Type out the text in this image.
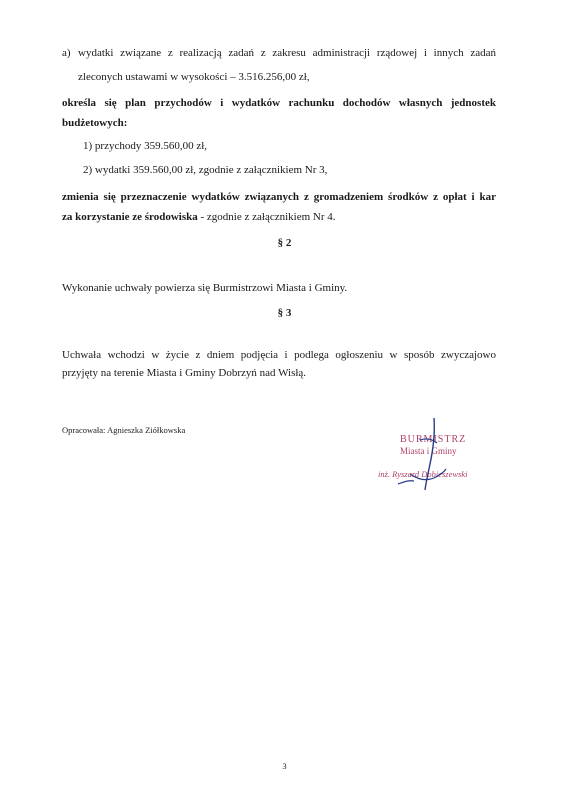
a) wydatki związane z realizacją zadań z zakresu administracji rządowej i innych zadań
zleconych ustawami w wysokości – 3.516.256,00 zł,
określa się plan przychodów i wydatków rachunku dochodów własnych jednostek
budżetowych:
1) przychody 359.560,00 zł,
2) wydatki 359.560,00 zł, zgodnie z załącznikiem Nr 3,
zmienia się przeznaczenie wydatków związanych z gromadzeniem środków z opłat i kar
za korzystanie ze środowiska - zgodnie z załącznikiem Nr 4.
§ 2
Wykonanie uchwały powierza się Burmistrzowi Miasta i Gminy.
§ 3
Uchwała wchodzi w życie z dniem podjęcia i podlega ogłoszeniu w sposób zwyczajowo
przyjęty na terenie Miasta i Gminy Dobrzyń nad Wisłą.
Opracowała: Agnieszka Ziółkowska
BURMISTRZ
Miasta i Gminy
inż. Ryszard Dobieszewski
3
